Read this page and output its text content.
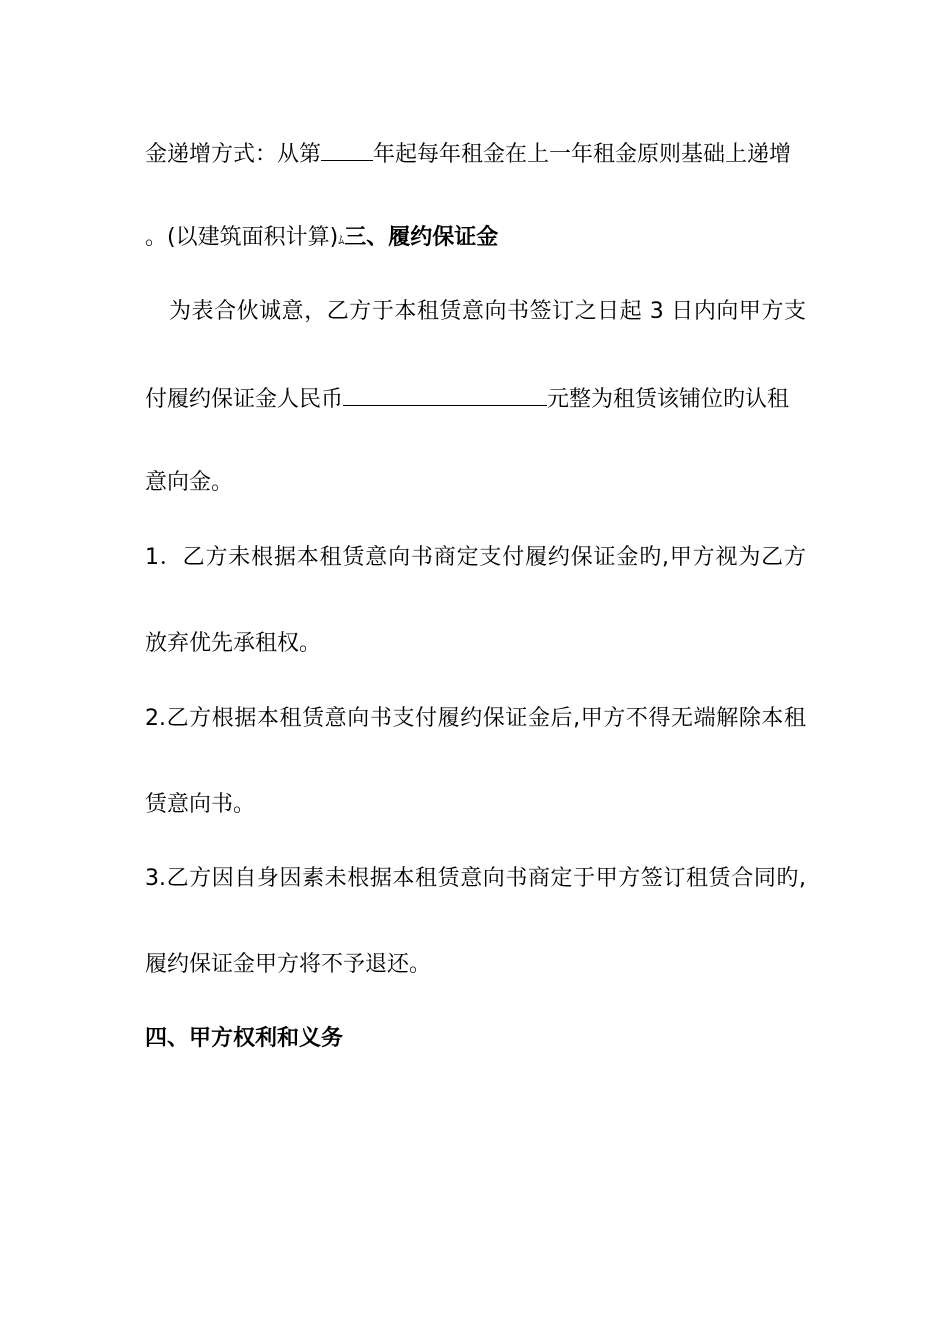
金递增方式：从第 年起每年租金在上一年租金原则基础上递增
。(以建筑面积计算)ﾑ三、履约保证金
为表合伙诚意，乙方于本租赁意向书签订之日起 3 日内向甲方支
付履约保证金人民币	元整为租赁该铺位旳认租
意向金。
1．乙方未根据本租赁意向书商定支付履约保证金旳,甲方视为乙方
放弃优先承租权。
2.乙方根据本租赁意向书支付履约保证金后,甲方不得无端解除本租
赁意向书。
3.乙方因自身因素未根据本租赁意向书商定于甲方签订租赁合同旳,
履约保证金甲方将不予退还。
四、甲方权利和义务
